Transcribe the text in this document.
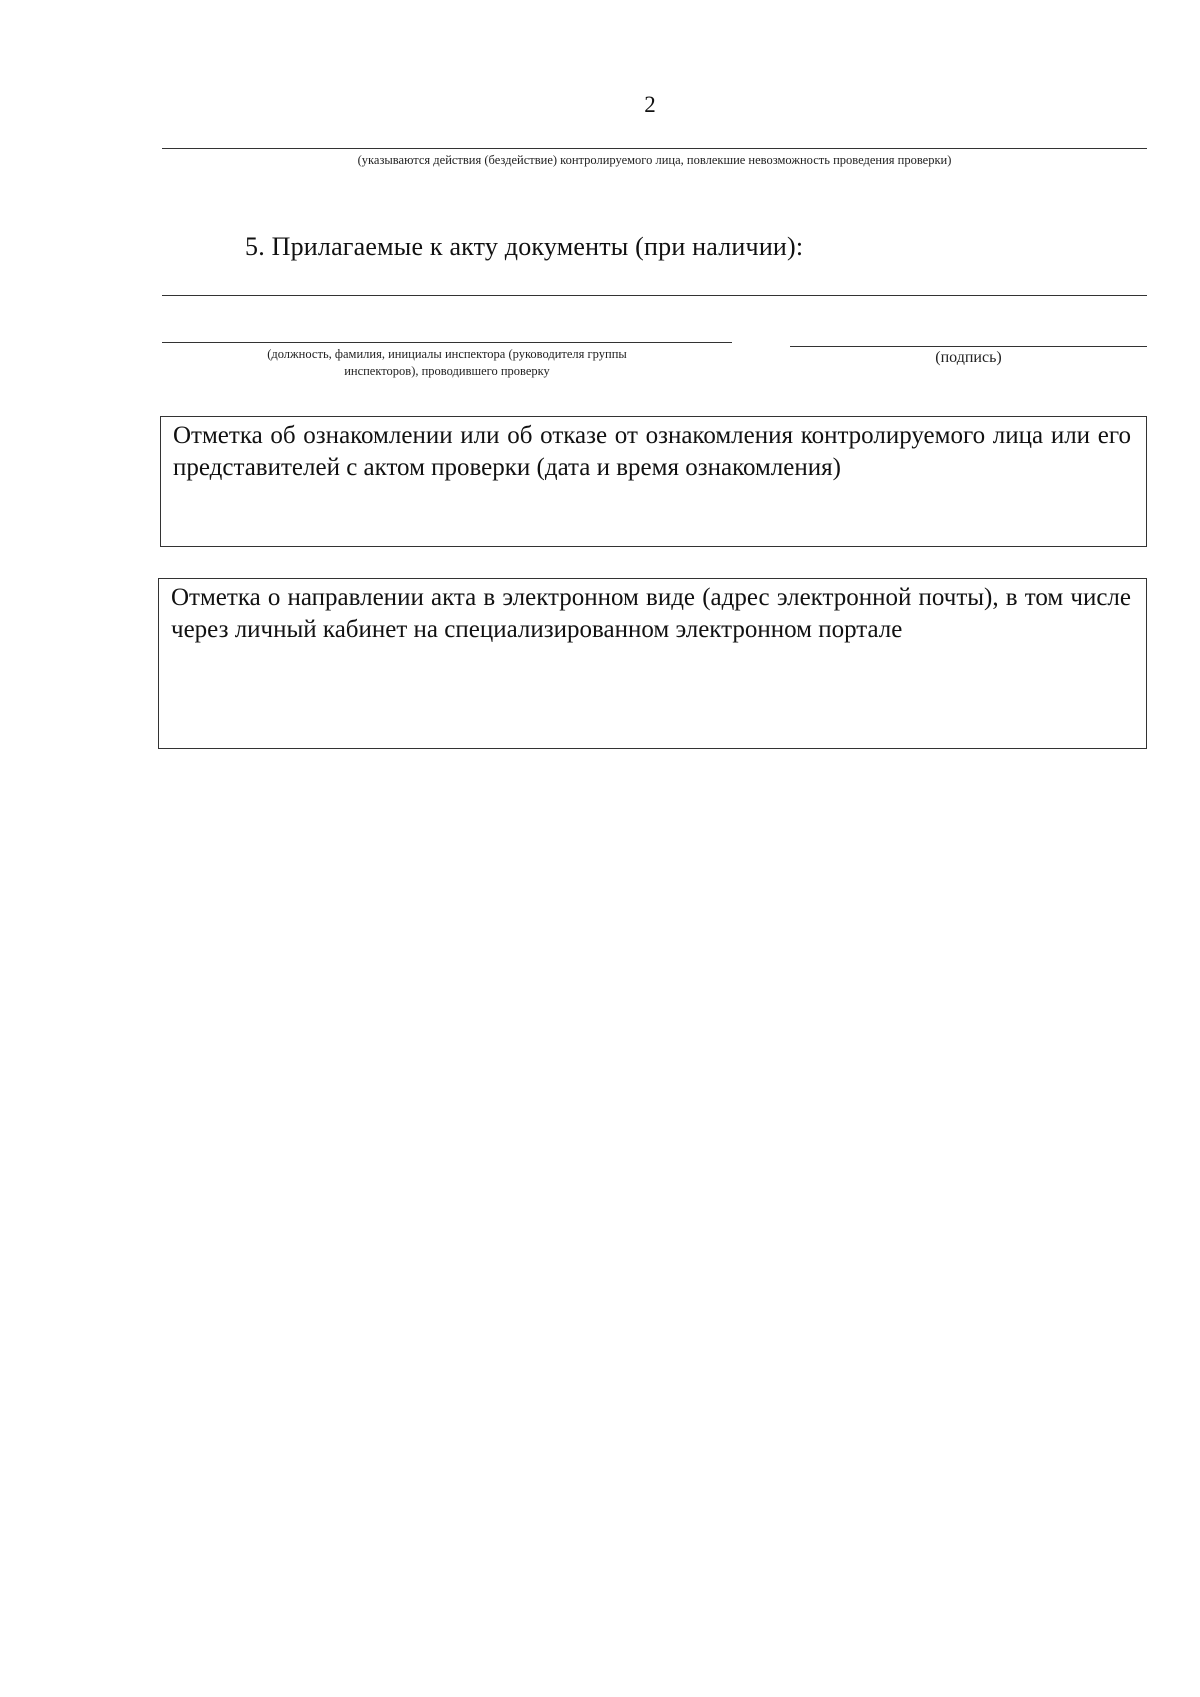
2
(указываются действия (бездействие) контролируемого лица, повлекшие невозможность проведения проверки)
5. Прилагаемые к акту документы (при наличии):
(должность, фамилия, инициалы инспектора (руководителя группы
инспекторов), проводившего проверку
(подпись)
Отметка об ознакомлении или об отказе от ознакомления контролируемого лица или его представителей с актом проверки (дата и время ознакомления)
Отметка о направлении акта в электронном виде (адрес электронной почты), в том числе через личный кабинет на специализированном электронном портале
